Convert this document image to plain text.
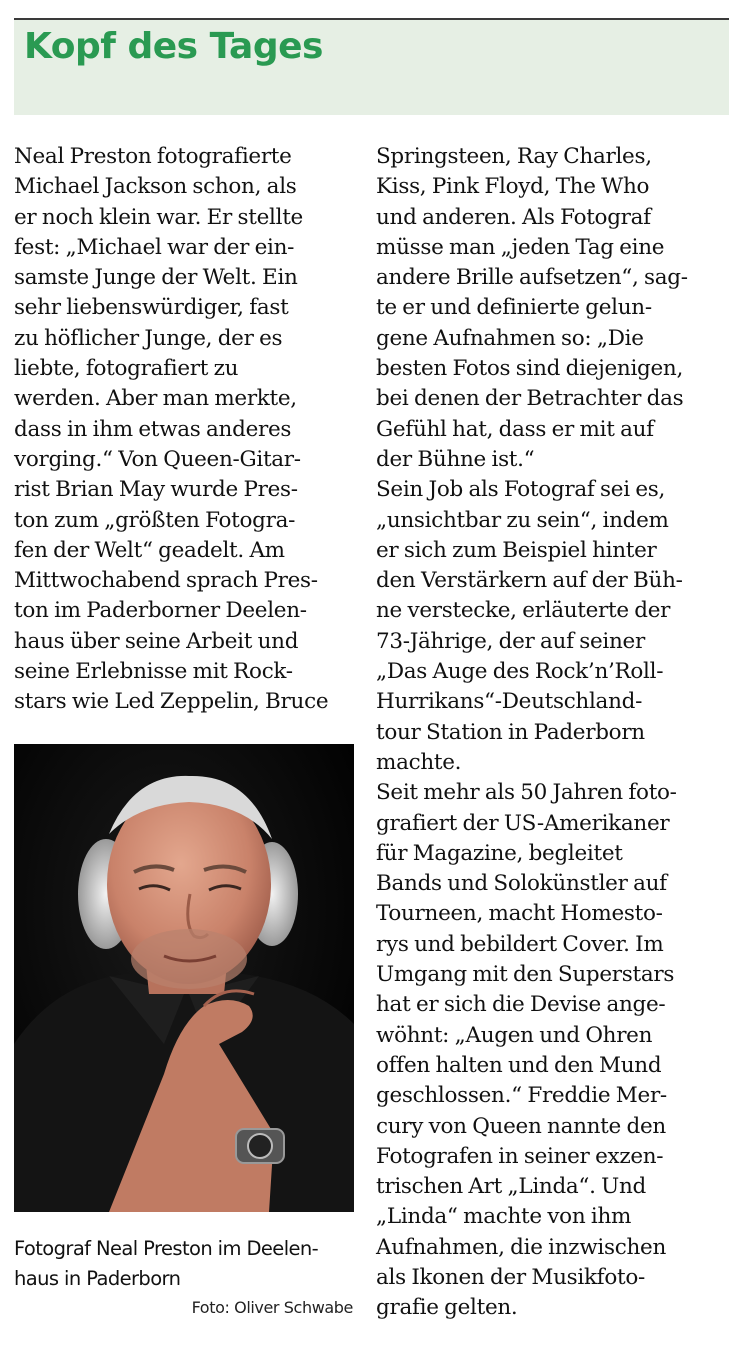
Kopf des Tages
Neal Preston fotografierte
Michael Jackson schon, als
er noch klein war. Er stellte
fest: „Michael war der ein-
samste Junge der Welt. Ein
sehr liebenswürdiger, fast
zu höflicher Junge, der es
liebte, fotografiert zu
werden. Aber man merkte,
dass in ihm etwas anderes
vorging.“ Von Queen-Gitar-
rist Brian May wurde Pres-
ton zum „größten Fotogra-
fen der Welt“ geadelt. Am
Mittwochabend sprach Pres-
ton im Paderborner Deelen-
haus über seine Arbeit und
seine Erlebnisse mit Rock-
stars wie Led Zeppelin, Bruce
Springsteen, Ray Charles,
Kiss, Pink Floyd, The Who
und anderen. Als Fotograf
müsse man „jeden Tag eine
andere Brille aufsetzen“, sag-
te er und definierte gelun-
gene Aufnahmen so: „Die
besten Fotos sind diejenigen,
bei denen der Betrachter das
Gefühl hat, dass er mit auf
der Bühne ist.“
Sein Job als Fotograf sei es,
„unsichtbar zu sein“, indem
er sich zum Beispiel hinter
den Verstärkern auf der Büh-
ne verstecke, erläuterte der
73-Jährige, der auf seiner
„Das Auge des Rock’n’Roll-
Hurrikans“-Deutschland-
tour Station in Paderborn
machte.
Seit mehr als 50 Jahren foto-
grafiert der US-Amerikaner
für Magazine, begleitet
Bands und Solokünstler auf
Tourneen, macht Homesto-
rys und bebildert Cover. Im
Umgang mit den Superstars
hat er sich die Devise ange-
wöhnt: „Augen und Ohren
offen halten und den Mund
geschlossen.“ Freddie Mer-
cury von Queen nannte den
Fotografen in seiner exzen-
trischen Art „Linda“. Und
„Linda“ machte von ihm
Aufnahmen, die inzwischen
als Ikonen der Musikfoto-
grafie gelten.
Fotograf Neal Preston im Deelen-
haus in Paderborn
Foto: Oliver Schwabe
